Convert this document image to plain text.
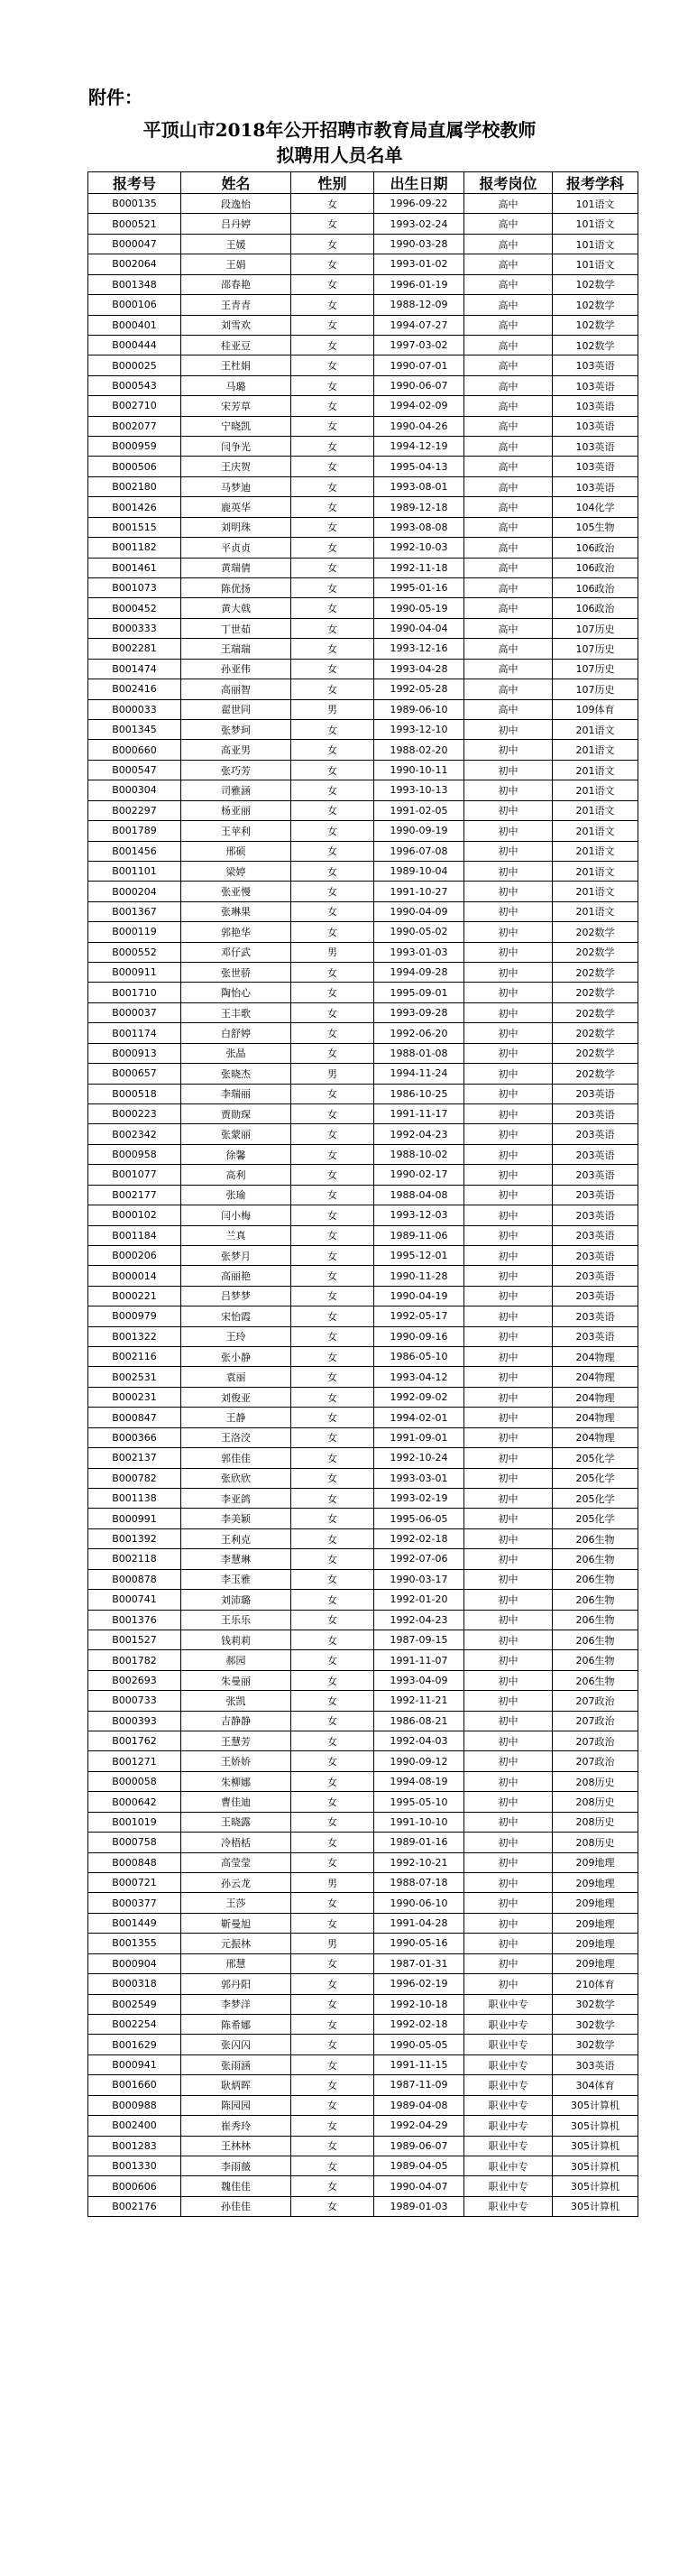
附件：
平顶山市2018年公开招聘市教育局直属学校教师
拟聘用人员名单
报考号	姓名	性别	出生日期	报考岗位	报考学科
B000135	段逸怡	女	1996-09-22	高中	101语文
B000521	吕丹婷	女	1993-02-24	高中	101语文
B000047	王媛	女	1990-03-28	高中	101语文
B002064	王娟	女	1993-01-02	高中	101语文
B001348	邵春艳	女	1996-01-19	高中	102数学
B000106	王青青	女	1988-12-09	高中	102数学
B000401	刘雪欢	女	1994-07-27	高中	102数学
B000444	桂亚豆	女	1997-03-02	高中	102数学
B000025	王杜娟	女	1990-07-01	高中	103英语
B000543	马璐	女	1990-06-07	高中	103英语
B002710	宋芳草	女	1994-02-09	高中	103英语
B002077	宁晓凯	女	1990-04-26	高中	103英语
B000959	闫争光	女	1994-12-19	高中	103英语
B000506	王庆贺	女	1995-04-13	高中	103英语
B002180	马梦迪	女	1993-08-01	高中	103英语
B001426	鹿英华	女	1989-12-18	高中	104化学
B001515	刘明珠	女	1993-08-08	高中	105生物
B001182	平贞贞	女	1992-10-03	高中	106政治
B001461	黄瑞倩	女	1992-11-18	高中	106政治
B001073	陈优扬	女	1995-01-16	高中	106政治
B000452	黄大戟	女	1990-05-19	高中	106政治
B000333	丁世茹	女	1990-04-04	高中	107历史
B002281	王瑞瑞	女	1993-12-16	高中	107历史
B001474	孙亚伟	女	1993-04-28	高中	107历史
B002416	高丽智	女	1992-05-28	高中	107历史
B000033	翟世同	男	1989-06-10	高中	109体育
B001345	张梦珂	女	1993-12-10	初中	201语文
B000660	高亚男	女	1988-02-20	初中	201语文
B000547	张巧芳	女	1990-10-11	初中	201语文
B000304	司雅涵	女	1993-10-13	初中	201语文
B002297	杨亚丽	女	1991-02-05	初中	201语文
B001789	王苹利	女	1990-09-19	初中	201语文
B001456	邢硕	女	1996-07-08	初中	201语文
B001101	梁婷	女	1989-10-04	初中	201语文
B000204	张亚慢	女	1991-10-27	初中	201语文
B001367	张琳果	女	1990-04-09	初中	201语文
B000119	郭艳华	女	1990-05-02	初中	202数学
B000552	邓仔武	男	1993-01-03	初中	202数学
B000911	张世骄	女	1994-09-28	初中	202数学
B001710	陶怡心	女	1995-09-01	初中	202数学
B000037	王丰歌	女	1993-09-28	初中	202数学
B001174	白舒婷	女	1992-06-20	初中	202数学
B000913	张晶	女	1988-01-08	初中	202数学
B000657	张晓杰	男	1994-11-24	初中	202数学
B000518	李瑞丽	女	1986-10-25	初中	203英语
B000223	贾勋琛	女	1991-11-17	初中	203英语
B002342	张蒙丽	女	1992-04-23	初中	203英语
B000958	徐馨	女	1988-10-02	初中	203英语
B001077	高利	女	1990-02-17	初中	203英语
B002177	张瑜	女	1988-04-08	初中	203英语
B000102	闫小梅	女	1993-12-03	初中	203英语
B001184	兰真	女	1989-11-06	初中	203英语
B000206	张梦月	女	1995-12-01	初中	203英语
B000014	高丽艳	女	1990-11-28	初中	203英语
B000221	吕梦梦	女	1990-04-19	初中	203英语
B000979	宋怡霞	女	1992-05-17	初中	203英语
B001322	王玲	女	1990-09-16	初中	203英语
B002116	张小静	女	1986-05-10	初中	204物理
B002531	袁丽	女	1993-04-12	初中	204物理
B000231	刘俊亚	女	1992-09-02	初中	204物理
B000847	王静	女	1994-02-01	初中	204物理
B000366	王洛洨	女	1991-09-01	初中	204物理
B002137	郭佳佳	女	1992-10-24	初中	205化学
B000782	张欣欣	女	1993-03-01	初中	205化学
B001138	李亚鸽	女	1993-02-19	初中	205化学
B000991	李美颖	女	1995-06-05	初中	205化学
B001392	王利克	女	1992-02-18	初中	206生物
B002118	李慧琳	女	1992-07-06	初中	206生物
B000878	李玉雅	女	1990-03-17	初中	206生物
B000741	刘沛璐	女	1992-01-20	初中	206生物
B001376	王乐乐	女	1992-04-23	初中	206生物
B001527	钱莉莉	女	1987-09-15	初中	206生物
B001782	郝园	女	1991-11-07	初中	206生物
B002693	朱曼丽	女	1993-04-09	初中	206生物
B000733	张凯	女	1992-11-21	初中	207政治
B000393	吉静静	女	1986-08-21	初中	207政治
B001762	王慧芳	女	1992-04-03	初中	207政治
B001271	王娇娇	女	1990-09-12	初中	207政治
B000058	朱柳娜	女	1994-08-19	初中	208历史
B000642	曹佳迪	女	1995-05-10	初中	208历史
B001019	王晓露	女	1991-10-10	初中	208历史
B000758	冷梧栝	女	1989-01-16	初中	208历史
B000848	高莹莹	女	1992-10-21	初中	209地理
B000721	孙云龙	男	1988-07-18	初中	209地理
B000377	王莎	女	1990-06-10	初中	209地理
B001449	靳曼旭	女	1991-04-28	初中	209地理
B001355	元振林	男	1990-05-16	初中	209地理
B000904	邢慧	女	1987-01-31	初中	209地理
B000318	郭丹阳	女	1996-02-19	初中	210体育
B002549	李梦洋	女	1992-10-18	职业中专	302数学
B002254	陈希娜	女	1992-02-18	职业中专	302数学
B001629	张闪闪	女	1990-05-05	职业中专	302数学
B000941	张雨涵	女	1991-11-15	职业中专	303英语
B001660	耿炳晖	女	1987-11-09	职业中专	304体育
B000988	陈园园	女	1989-04-08	职业中专	305计算机
B002400	崔秀玲	女	1992-04-29	职业中专	305计算机
B001283	王林林	女	1989-06-07	职业中专	305计算机
B001330	李雨薇	女	1989-04-05	职业中专	305计算机
B000606	魏佳佳	女	1990-04-07	职业中专	305计算机
B002176	孙佳佳	女	1989-01-03	职业中专	305计算机
